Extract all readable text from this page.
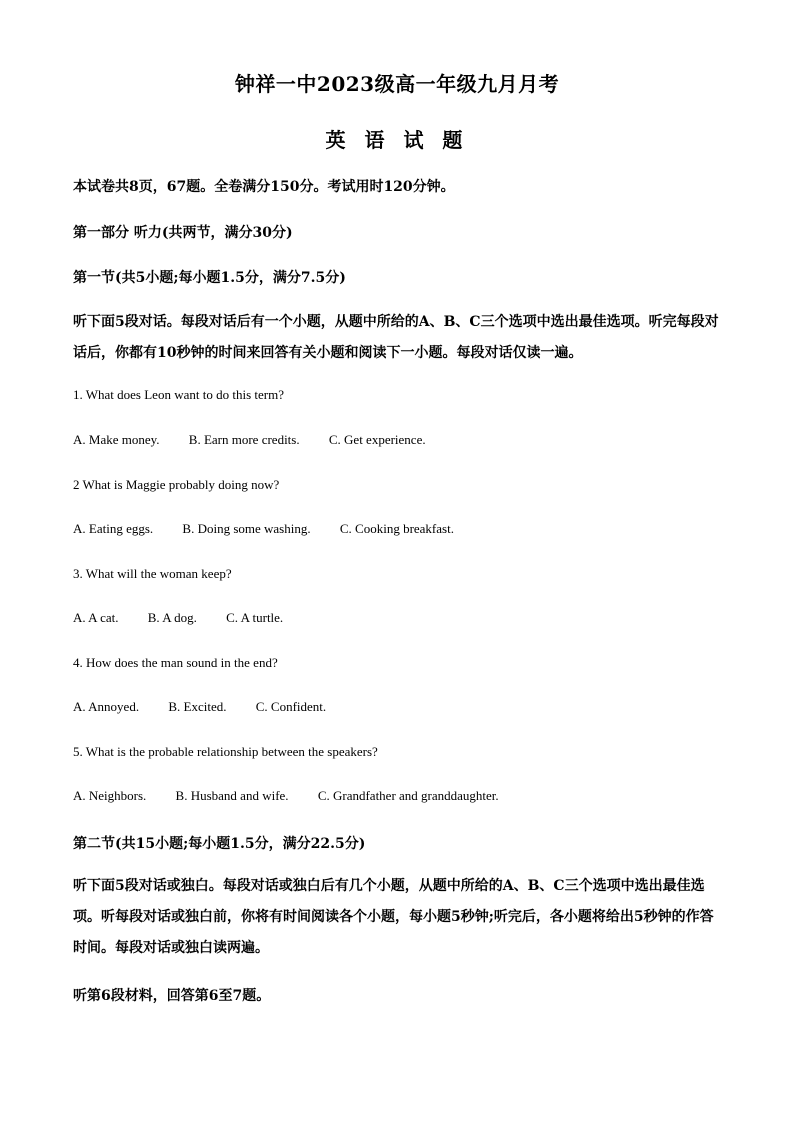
钟祥一中2023级高一年级九月月考
英 语 试 题
本试卷共8页，67题。全卷满分150分。考试用时120分钟。
第一部分 听力(共两节，满分30分)
第一节(共5小题;每小题1.5分，满分7.5分)
听下面5段对话。每段对话后有一个小题，从题中所给的A、B、C三个选项中选出最佳选项。听完每段对话后，你都有10秒钟的时间来回答有关小题和阅读下一小题。每段对话仅读一遍。
1. What does Leon want to do this term?
A. Make money. B. Earn more credits. C. Get experience.
2 What is Maggie probably doing now?
A. Eating eggs. B. Doing some washing. C. Cooking breakfast.
3. What will the woman keep?
A. A cat. B. A dog. C. A turtle.
4. How does the man sound in the end?
A. Annoyed. B. Excited. C. Confident.
5. What is the probable relationship between the speakers?
A. Neighbors. B. Husband and wife. C. Grandfather and granddaughter.
第二节(共15小题;每小题1.5分，满分22.5分)
听下面5段对话或独白。每段对话或独白后有几个小题，从题中所给的A、B、C三个选项中选出最佳选项。听每段对话或独白前，你将有时间阅读各个小题，每小题5秒钟;听完后，各小题将给出5秒钟的作答时间。每段对话或独白读两遍。
听第6段材料，回答第6至7题。
